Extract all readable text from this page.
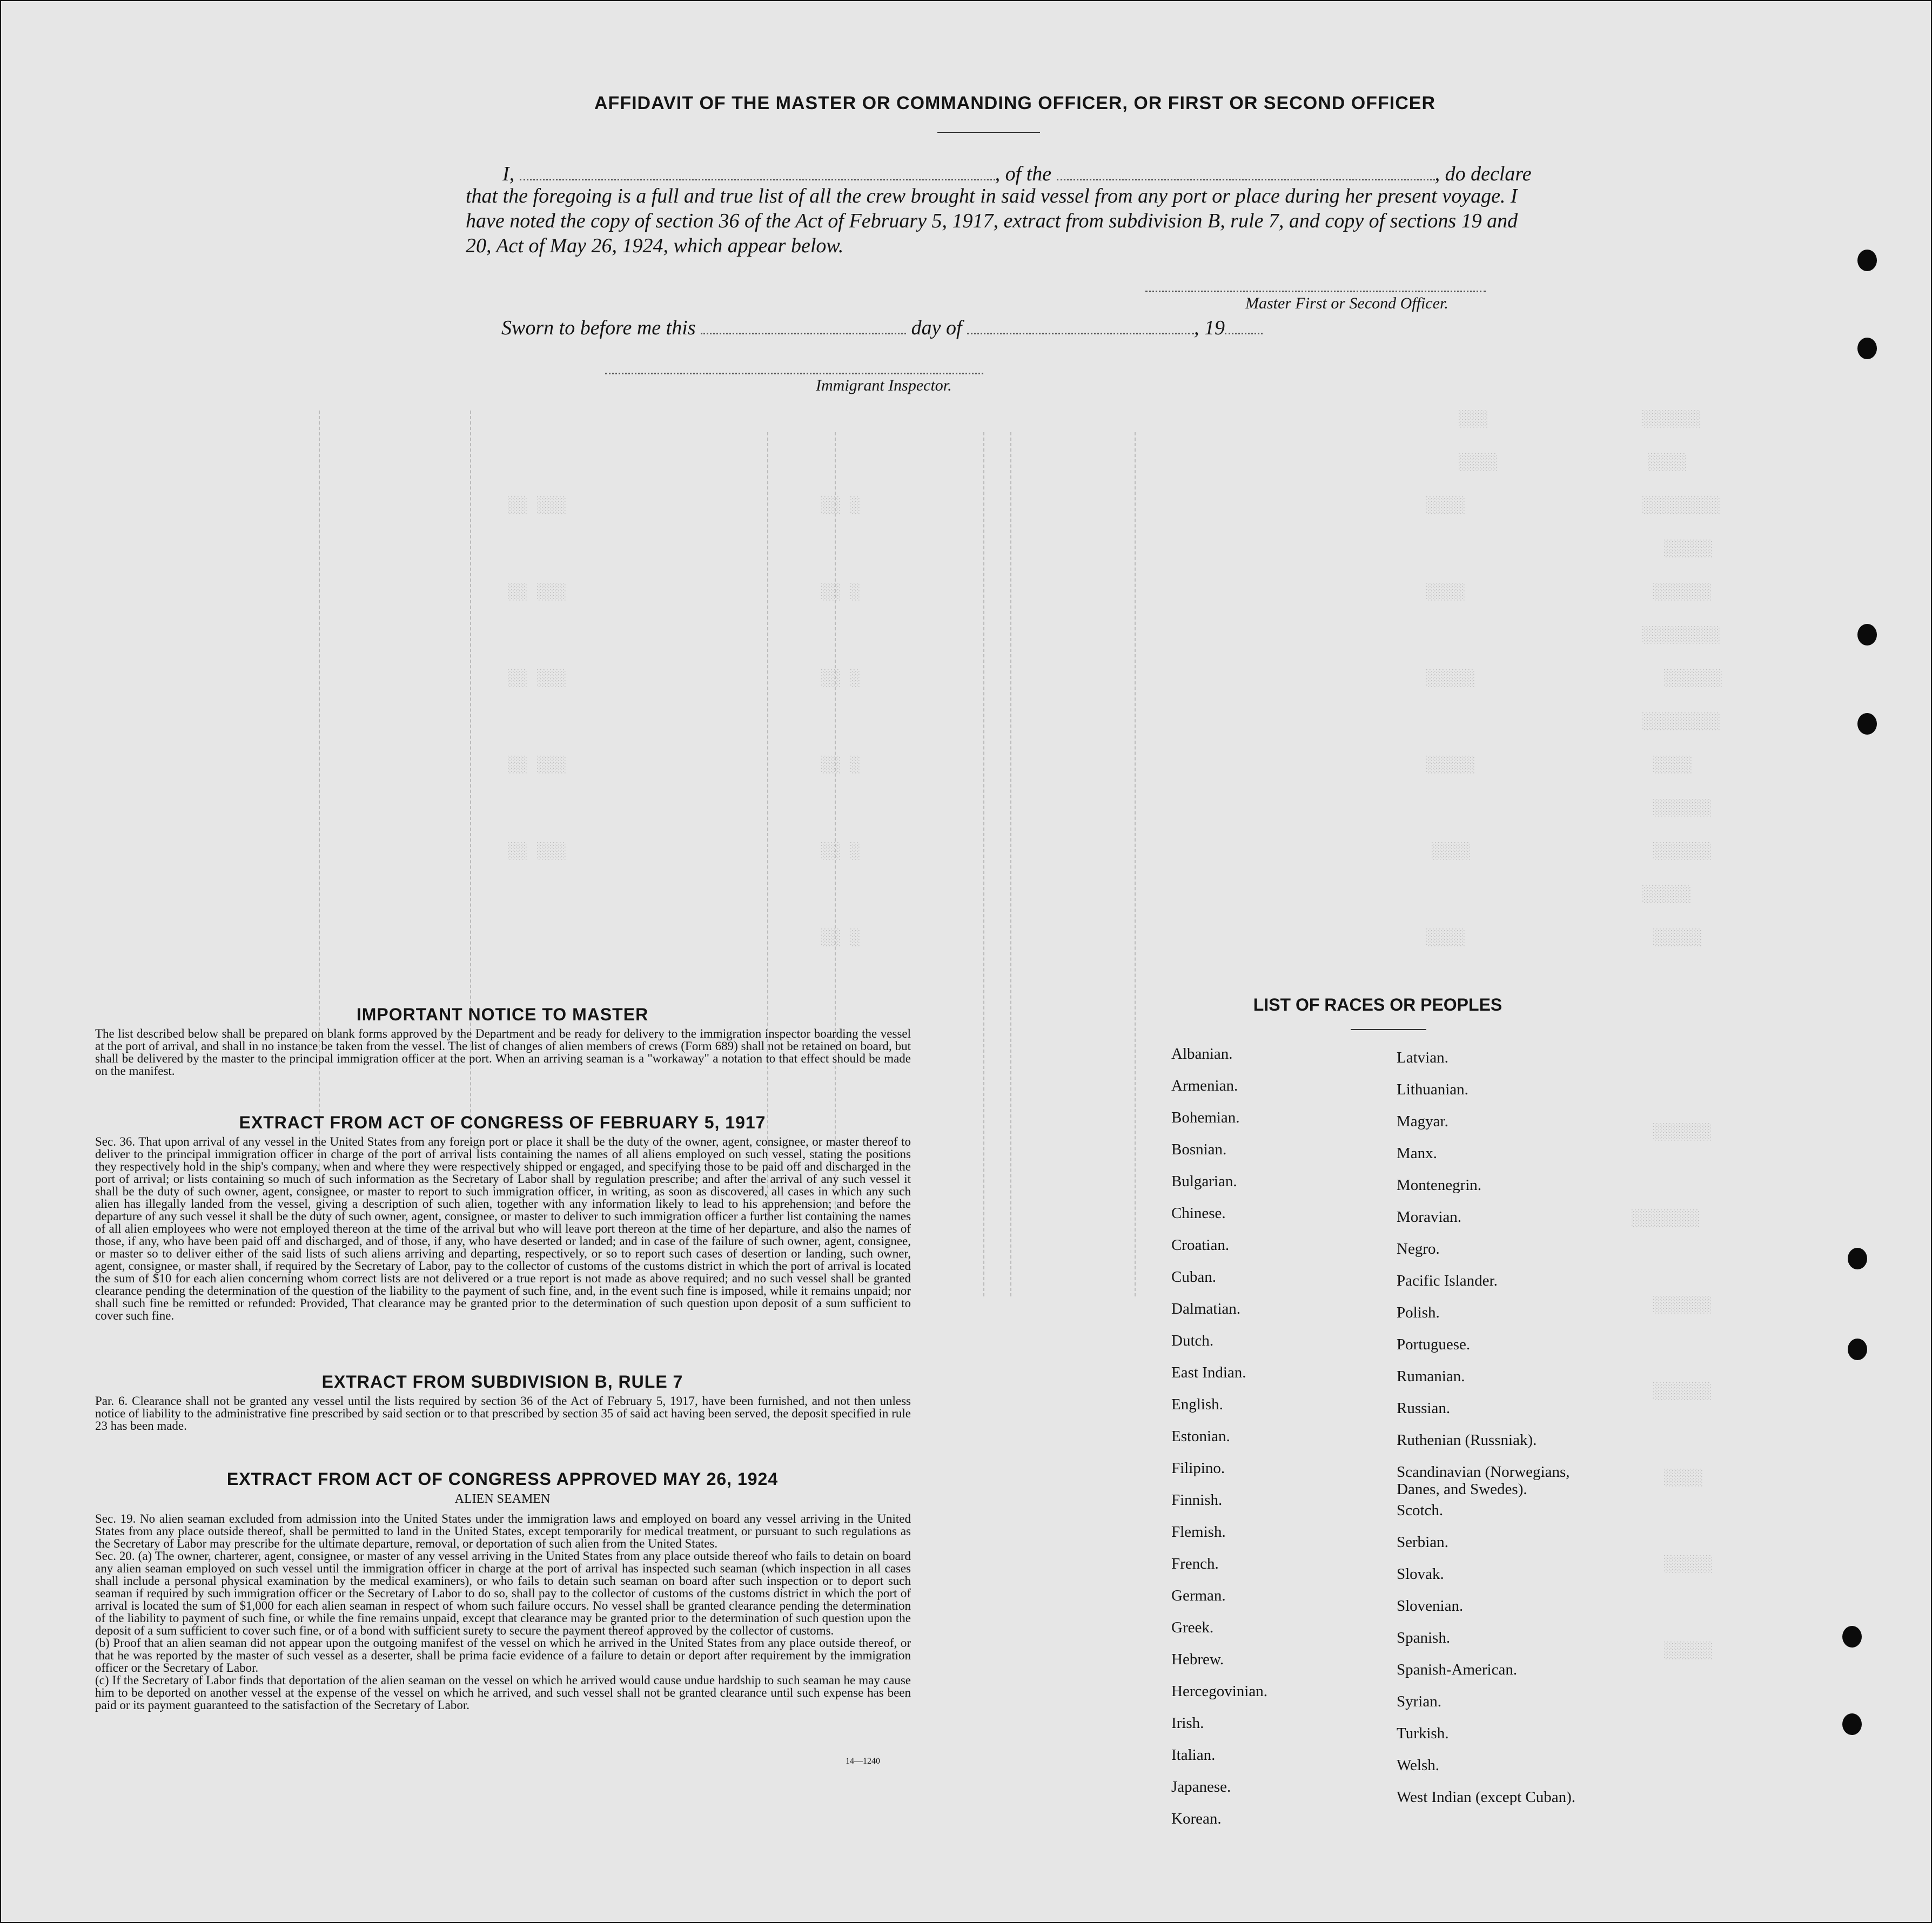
░░░░░░
░░░
░░░░
░░░░
░░░░░░░░
░░░░░
░░░░░░
░░░░░░░░
░░░░░░
░░░░░░░░
░░░░
░░░░░░
░░░░░░
░░░░░
░░░░░
░░░░
░░░░
░░░░░
░░░░░
░░░░
░░░░
░░ ░
░░ ░
░░ ░
░░ ░
░░ ░
░░ ░
░░ ░░░
░░ ░░░
░░ ░░░
░░ ░░░
░░ ░░░
░░░░░░
░░░░░░░
░░░░░░
░░░░░░
░░░░
░░░░░
░░░░░
AFFIDAVIT OF THE MASTER OR COMMANDING OFFICER, OR FIRST OR SECOND OFFICER
I,	, of the	, do declare
that the foregoing is a full and true list of all the crew brought in said vessel from any port or place during her present voyage. I have noted the copy of section 36 of the Act of February 5, 1917, extract from subdivision B, rule 7, and copy of sections 19 and 20, Act of May 26, 1924, which appear below.
Master First or Second Officer.
Sworn to before me this	day of	, 19
Immigrant Inspector.
IMPORTANT NOTICE TO MASTER
The list described below shall be prepared on blank forms approved by the Department and be ready for delivery to the immigration inspector boarding the vessel at the port of arrival, and shall in no instance be taken from the vessel. The list of changes of alien members of crews (Form 689) shall not be retained on board, but shall be delivered by the master to the principal immigration officer at the port. When an arriving seaman is a "workaway" a notation to that effect should be made on the manifest.
EXTRACT FROM ACT OF CONGRESS OF FEBRUARY 5, 1917
Sec. 36. That upon arrival of any vessel in the United States from any foreign port or place it shall be the duty of the owner, agent, consignee, or master thereof to deliver to the principal immigration officer in charge of the port of arrival lists containing the names of all aliens employed on such vessel, stating the positions they respectively hold in the ship's company, when and where they were respectively shipped or engaged, and specifying those to be paid off and discharged in the port of arrival; or lists containing so much of such information as the Secretary of Labor shall by regulation prescribe; and after the arrival of any such vessel it shall be the duty of such owner, agent, consignee, or master to report to such immigration officer, in writing, as soon as discovered, all cases in which any such alien has illegally landed from the vessel, giving a description of such alien, together with any information likely to lead to his apprehension; and before the departure of any such vessel it shall be the duty of such owner, agent, consignee, or master to deliver to such immigration officer a further list containing the names of all alien employees who were not employed thereon at the time of the arrival but who will leave port thereon at the time of her departure, and also the names of those, if any, who have been paid off and discharged, and of those, if any, who have deserted or landed; and in case of the failure of such owner, agent, consignee, or master so to deliver either of the said lists of such aliens arriving and departing, respectively, or so to report such cases of desertion or landing, such owner, agent, consignee, or master shall, if required by the Secretary of Labor, pay to the collector of customs of the customs district in which the port of arrival is located the sum of $10 for each alien concerning whom correct lists are not delivered or a true report is not made as above required; and no such vessel shall be granted clearance pending the determination of the question of the liability to the payment of such fine, and, in the event such fine is imposed, while it remains unpaid; nor shall such fine be remitted or refunded: Provided, That clearance may be granted prior to the determination of such question upon deposit of a sum sufficient to cover such fine.
EXTRACT FROM SUBDIVISION B, RULE 7
Par. 6. Clearance shall not be granted any vessel until the lists required by section 36 of the Act of February 5, 1917, have been furnished, and not then unless notice of liability to the administrative fine prescribed by said section or to that prescribed by section 35 of said act having been served, the deposit specified in rule 23 has been made.
EXTRACT FROM ACT OF CONGRESS APPROVED MAY 26, 1924
ALIEN SEAMEN
Sec. 19. No alien seaman excluded from admission into the United States under the immigration laws and employed on board any vessel arriving in the United States from any place outside thereof, shall be permitted to land in the United States, except temporarily for medical treatment, or pursuant to such regulations as the Secretary of Labor may prescribe for the ultimate departure, removal, or deportation of such alien from the United States.
Sec. 20. (a) The owner, charterer, agent, consignee, or master of any vessel arriving in the United States from any place outside thereof who fails to detain on board any alien seaman employed on such vessel until the immigration officer in charge at the port of arrival has inspected such seaman (which inspection in all cases shall include a personal physical examination by the medical examiners), or who fails to detain such seaman on board after such inspection or to deport such seaman if required by such immigration officer or the Secretary of Labor to do so, shall pay to the collector of customs of the customs district in which the port of arrival is located the sum of $1,000 for each alien seaman in respect of whom such failure occurs. No vessel shall be granted clearance pending the determination of the liability to payment of such fine, or while the fine remains unpaid, except that clearance may be granted prior to the determination of such question upon the deposit of a sum sufficient to cover such fine, or of a bond with sufficient surety to secure the payment thereof approved by the collector of customs.
(b) Proof that an alien seaman did not appear upon the outgoing manifest of the vessel on which he arrived in the United States from any place outside thereof, or that he was reported by the master of such vessel as a deserter, shall be prima facie evidence of a failure to detain or deport after requirement by the immigration officer or the Secretary of Labor.
(c) If the Secretary of Labor finds that deportation of the alien seaman on the vessel on which he arrived would cause undue hardship to such seaman he may cause him to be deported on another vessel at the expense of the vessel on which he arrived, and such vessel shall not be granted clearance until such expense has been paid or its payment guaranteed to the satisfaction of the Secretary of Labor.
14—1240
LIST OF RACES OR PEOPLES
Albanian.
Armenian.
Bohemian.
Bosnian.
Bulgarian.
Chinese.
Croatian.
Cuban.
Dalmatian.
Dutch.
East Indian.
English.
Estonian.
Filipino.
Finnish.
Flemish.
French.
German.
Greek.
Hebrew.
Hercegovinian.
Irish.
Italian.
Japanese.
Korean.
Latvian.
Lithuanian.
Magyar.
Manx.
Montenegrin.
Moravian.
Negro.
Pacific Islander.
Polish.
Portuguese.
Rumanian.
Russian.
Ruthenian (Russniak).
Scandinavian (Norwegians, Danes, and Swedes).
Scotch.
Serbian.
Slovak.
Slovenian.
Spanish.
Spanish-American.
Syrian.
Turkish.
Welsh.
West Indian (except Cuban).
